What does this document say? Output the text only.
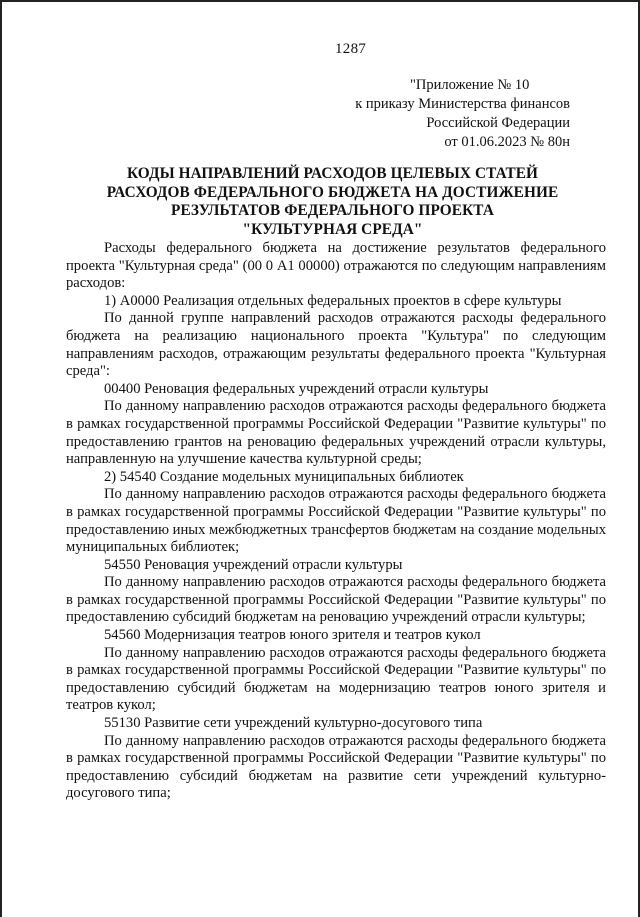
1287
"Приложение № 10
к приказу Министерства финансов
Российской Федерации
от 01.06.2023 № 80н
КОДЫ НАПРАВЛЕНИЙ РАСХОДОВ ЦЕЛЕВЫХ СТАТЕЙ
РАСХОДОВ ФЕДЕРАЛЬНОГО БЮДЖЕТА НА ДОСТИЖЕНИЕ
РЕЗУЛЬТАТОВ ФЕДЕРАЛЬНОГО ПРОЕКТА
"КУЛЬТУРНАЯ СРЕДА"

Расходы федерального бюджета на достижение результатов федерального проекта "Культурная среда" (00 0 А1 00000) отражаются по следующим направлениям расходов:

1) А0000 Реализация отдельных федеральных проектов в сфере культуры

По данной группе направлений расходов отражаются расходы федерального бюджета на реализацию национального проекта "Культура" по следующим направлениям расходов, отражающим результаты федерального проекта "Культурная среда":

00400 Реновация федеральных учреждений отрасли культуры

По данному направлению расходов отражаются расходы федерального бюджета в рамках государственной программы Российской Федерации "Развитие культуры" по предоставлению грантов на реновацию федеральных учреждений отрасли культуры, направленную на улучшение качества культурной среды;

2) 54540 Создание модельных муниципальных библиотек

По данному направлению расходов отражаются расходы федерального бюджета в рамках государственной программы Российской Федерации "Развитие культуры" по предоставлению иных межбюджетных трансфертов бюджетам на создание модельных муниципальных библиотек;

54550 Реновация учреждений отрасли культуры

По данному направлению расходов отражаются расходы федерального бюджета в рамках государственной программы Российской Федерации "Развитие культуры" по предоставлению субсидий бюджетам на реновацию учреждений отрасли культуры;

54560 Модернизация театров юного зрителя и театров кукол

По данному направлению расходов отражаются расходы федерального бюджета в рамках государственной программы Российской Федерации "Развитие культуры" по предоставлению субсидий бюджетам на модернизацию театров юного зрителя и театров кукол;

55130 Развитие сети учреждений культурно-досугового типа

По данному направлению расходов отражаются расходы федерального бюджета в рамках государственной программы Российской Федерации "Развитие культуры" по предоставлению субсидий бюджетам на развитие сети учреждений культурно-досугового типа;
